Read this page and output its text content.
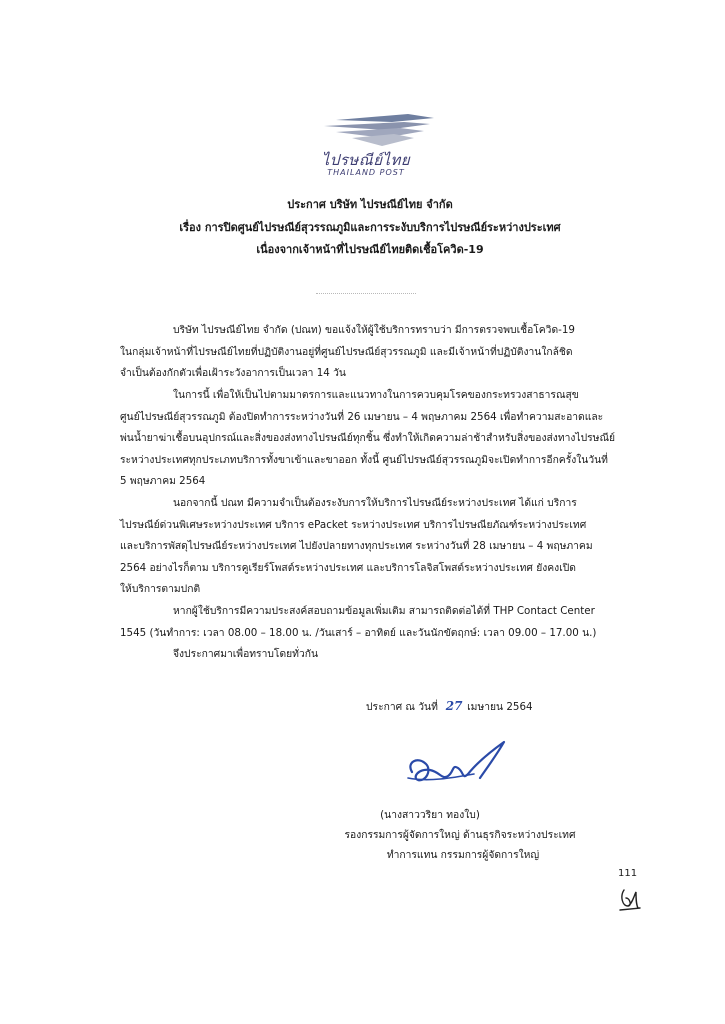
ไปรษณีย์ไทย
THAILAND POST
ประกาศ บริษัท ไปรษณีย์ไทย จำกัด
เรื่อง การปิดศูนย์ไปรษณีย์สุวรรณภูมิและการระงับบริการไปรษณีย์ระหว่างประเทศ
เนื่องจากเจ้าหน้าที่ไปรษณีย์ไทยติดเชื้อโควิด-19
บริษัท ไปรษณีย์ไทย จำกัด (ปณท) ขอแจ้งให้ผู้ใช้บริการทราบว่า มีการตรวจพบเชื้อโควิด-19
ในกลุ่มเจ้าหน้าที่ไปรษณีย์ไทยที่ปฏิบัติงานอยู่ที่ศูนย์ไปรษณีย์สุวรรณภูมิ และมีเจ้าหน้าที่ปฏิบัติงานใกล้ชิด
จำเป็นต้องกักตัวเพื่อเฝ้าระวังอาการเป็นเวลา 14 วัน
ในการนี้ เพื่อให้เป็นไปตามมาตรการและแนวทางในการควบคุมโรคของกระทรวงสาธารณสุข
ศูนย์ไปรษณีย์สุวรรณภูมิ ต้องปิดทำการระหว่างวันที่ 26 เมษายน – 4 พฤษภาคม 2564 เพื่อทำความสะอาดและ
พ่นน้ำยาฆ่าเชื้อบนอุปกรณ์และสิ่งของส่งทางไปรษณีย์ทุกชิ้น ซึ่งทำให้เกิดความล่าช้าสำหรับสิ่งของส่งทางไปรษณีย์
ระหว่างประเทศทุกประเภทบริการทั้งขาเข้าและขาออก ทั้งนี้ ศูนย์ไปรษณีย์สุวรรณภูมิจะเปิดทำการอีกครั้งในวันที่
5 พฤษภาคม 2564
นอกจากนี้ ปณท มีความจำเป็นต้องระงับการให้บริการไปรษณีย์ระหว่างประเทศ ได้แก่ บริการ
ไปรษณีย์ด่วนพิเศษระหว่างประเทศ บริการ ePacket ระหว่างประเทศ บริการไปรษณียภัณฑ์ระหว่างประเทศ
และบริการพัสดุไปรษณีย์ระหว่างประเทศ ไปยังปลายทางทุกประเทศ ระหว่างวันที่ 28 เมษายน – 4 พฤษภาคม
2564 อย่างไรก็ตาม บริการคูเรียร์โพสต์ระหว่างประเทศ และบริการโลจิสโพสต์ระหว่างประเทศ ยังคงเปิด
ให้บริการตามปกติ
หากผู้ใช้บริการมีความประสงค์สอบถามข้อมูลเพิ่มเติม สามารถติดต่อได้ที่ THP Contact Center
1545 (วันทำการ: เวลา 08.00 – 18.00 น. /วันเสาร์ – อาทิตย์ และวันนักขัตฤกษ์: เวลา 09.00 – 17.00 น.)
จึงประกาศมาเพื่อทราบโดยทั่วกัน
ประกาศ ณ วันที่ 27 เมษายน 2564
(นางสาววริยา ทองใบ)
รองกรรมการผู้จัดการใหญ่ ด้านธุรกิจระหว่างประเทศ
ทำการแทน กรรมการผู้จัดการใหญ่
111
